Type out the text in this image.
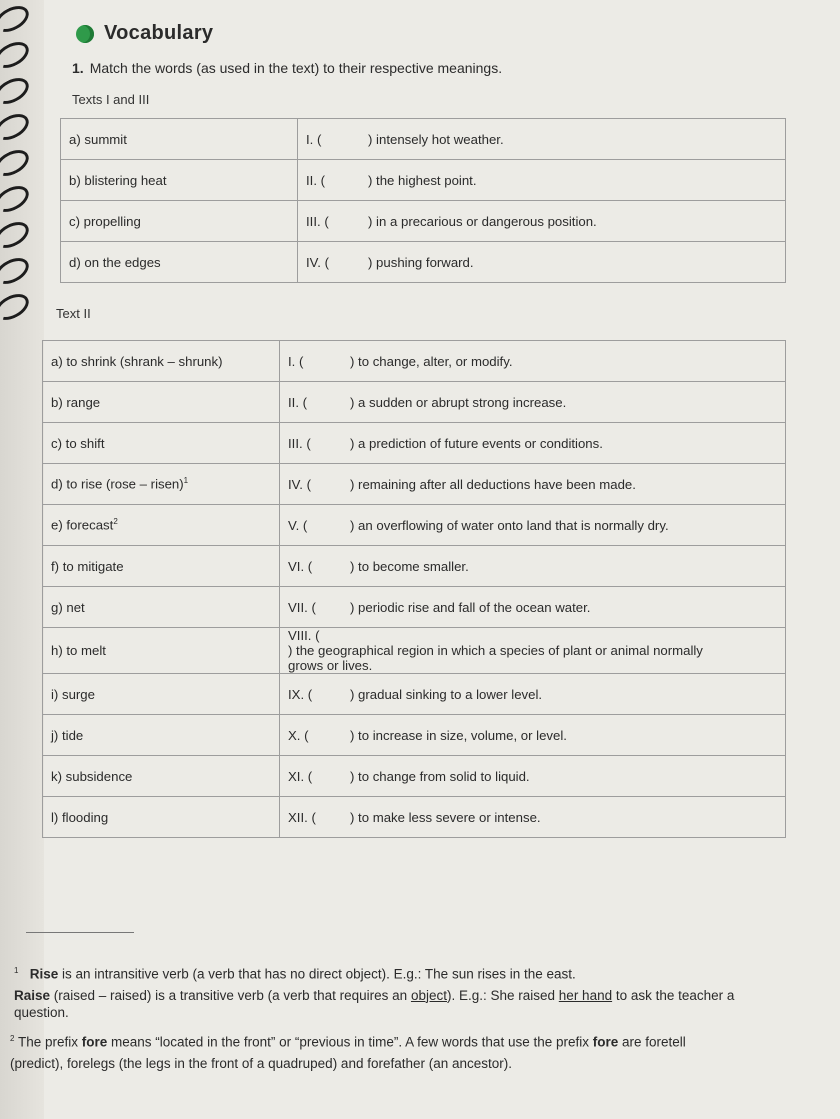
Vocabulary
1. Match the words (as used in the text) to their respective meanings.
Texts I and III
a) summit	I. ( ) intensely hot weather.
b) blistering heat	II. ( ) the highest point.
c) propelling	III. ( ) in a precarious or dangerous position.
d) on the edges	IV. ( ) pushing forward.
Text II
a) to shrink (shrank – shrunk)	I. ( ) to change, alter, or modify.
b) range	II. ( ) a sudden or abrupt strong increase.
c) to shift	III. ( ) a prediction of future events or conditions.
d) to rise (rose – risen)$^1$	IV. ( ) remaining after all deductions have been made.
e) forecast$^2$	V. ( ) an overflowing of water onto land that is normally dry.
f) to mitigate	VI. ( ) to become smaller.
g) net	VII. ( ) periodic rise and fall of the ocean water.
h) to melt	VIII. () the geographical region in which a species of plant or animal normally grows or lives.
i) surge	IX. ( ) gradual sinking to a lower level.
j) tide	X. ( ) to increase in size, volume, or level.
k) subsidence	XI. ( ) to change from solid to liquid.
l) flooding	XII. ( ) to make less severe or intense.
$^1$ Rise is an intransitive verb (a verb that has no direct object). E.g.: The sun rises in the east.
Raise (raised – raised) is a transitive verb (a verb that requires an object). E.g.: She raised her hand to ask the teacher a
question.
$^2$ The prefix fore means “located in the front” or “previous in time”. A few words that use the prefix fore are foretell
(predict), forelegs (the legs in the front of a quadruped) and forefather (an ancestor).
